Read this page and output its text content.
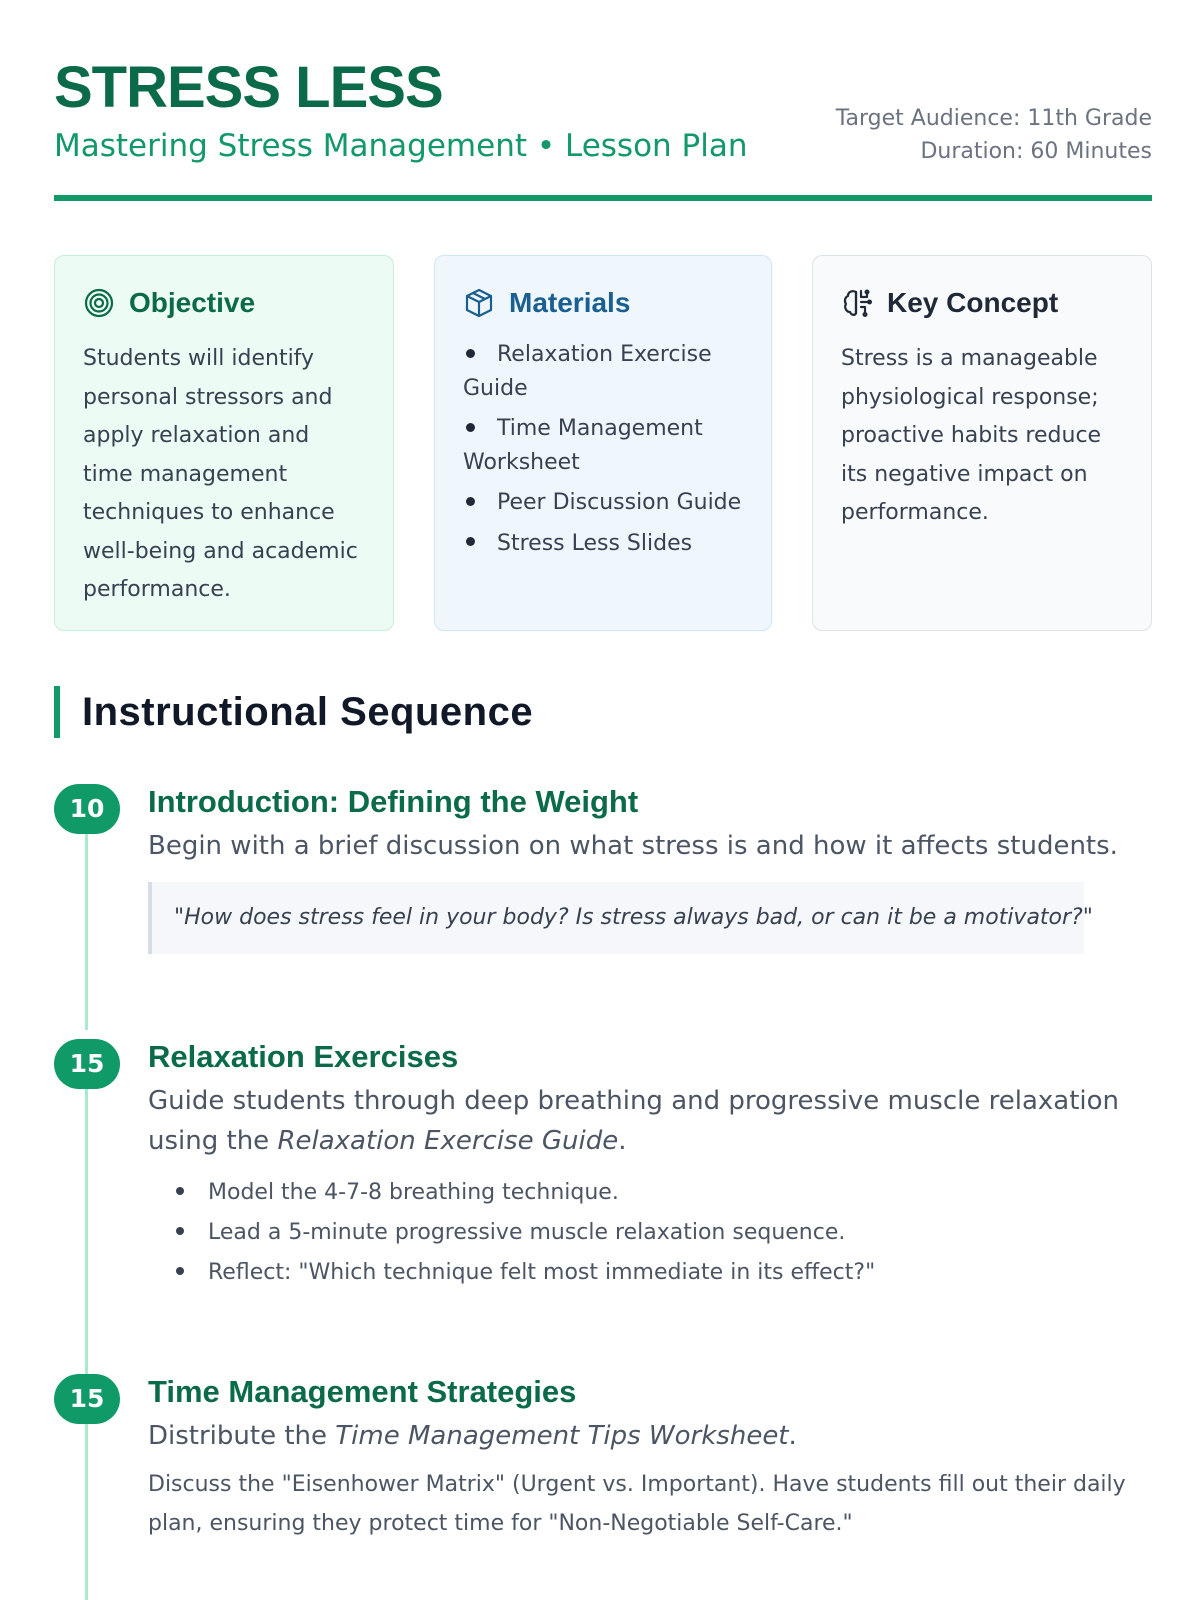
STRESS LESS
Mastering Stress Management • Lesson Plan
Target Audience: 11th Grade
Duration: 60 Minutes
Objective

Students will identify personal stressors and apply relaxation and time management techniques to enhance well-being and academic performance.

Materials
Relaxation Exercise Guide
Time Management Worksheet
Peer Discussion Guide
Stress Less Slides
Key Concept

Stress is a manageable physiological response; proactive habits reduce its negative impact on performance.

Instructional Sequence
10	Introduction: Defining the Weight
Begin with a brief discussion on what stress is and how it affects students.
"How does stress feel in your body? Is stress always bad, or can it be a motivator?"
15	Relaxation Exercises
Guide students through deep breathing and progressive muscle relaxation using the Relaxation Exercise Guide.
Model the 4-7-8 breathing technique.
Lead a 5-minute progressive muscle relaxation sequence.
Reflect: "Which technique felt most immediate in its effect?"
15	Time Management Strategies
Distribute the Time Management Tips Worksheet.

Discuss the "Eisenhower Matrix" (Urgent vs. Important). Have students fill out their daily plan, ensuring they protect time for "Non-Negotiable Self-Care."
